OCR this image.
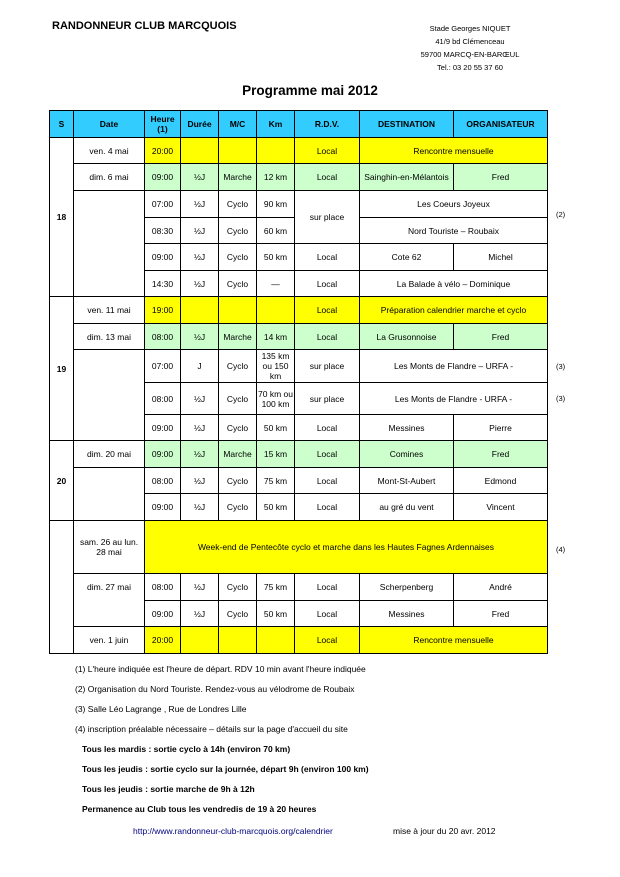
RANDONNEUR CLUB MARCQUOIS	Stade Georges NIQUET
41/9 bd Clémenceau
59700 MARCQ-EN-BARŒUL
Tel.: 03 20 55 37 60
Programme mai 2012
S	Date	Heure (1)	Durée	M/C	Km	R.D.V.	DESTINATION	ORGANISATEUR
18	ven. 4 mai	20:00				Local	Rencontre mensuelle	
	dim. 6 mai	09:00	½J	Marche	12 km	Local	Sainghin-en-Mélantois	Fred
		07:00	½J	Cyclo	90 km	sur place	Les Coeurs Joyeux	
		08:30	½J	Cyclo	60 km		Nord Touriste – Roubaix	
		09:00	½J	Cyclo	50 km	Local	Cote 62	Michel
		14:30	½J	Cyclo	—	Local	La Balade à vélo – Dominique	
19	ven. 11 mai	19:00				Local	Préparation calendrier marche et cyclo	
	dim. 13 mai	08:00	½J	Marche	14 km	Local	La Grusonnoise	Fred
		07:00	J	Cyclo	135 km ou 150 km	sur place	Les Monts de Flandre – URFA -	
		08:00	½J	Cyclo	70 km ou 100 km	sur place	Les Monts de Flandre - URFA -	
		09:00	½J	Cyclo	50 km	Local	Messines	Pierre
20	dim. 20 mai	09:00	½J	Marche	15 km	Local	Comines	Fred
		08:00	½J	Cyclo	75 km	Local	Mont-St-Aubert	Edmond
		09:00	½J	Cyclo	50 km	Local	au gré du vent	Vincent
	sam. 26 au lun. 28 mai	Week-end de Pentecôte cyclo et marche dans les Hautes Fagnes Ardennaises						
	dim. 27 mai	08:00	½J	Cyclo	75 km	Local	Scherpenberg	André
		09:00	½J	Cyclo	50 km	Local	Messines	Fred
	ven. 1 juin	20:00				Local	Rencontre mensuelle	
(2)
(3)
(3)
(4)
(1) L'heure indiquée est l'heure de départ. RDV 10 min avant l'heure indiquée
(2) Organisation du Nord Touriste. Rendez-vous au vélodrome de Roubaix
(3) Salle Léo Lagrange , Rue de Londres Lille
(4) inscription préalable nécessaire – détails sur la page d'accueil du site
Tous les mardis : sortie cyclo à 14h (environ 70 km)
Tous les jeudis : sortie cyclo sur la journée, départ 9h (environ 100 km)
Tous les jeudis : sortie marche de 9h à 12h
Permanence au Club tous les vendredis de 19 à 20 heures
http://www.randonneur-club-marcquois.org/calendrier	mise à jour du 20 avr. 2012
